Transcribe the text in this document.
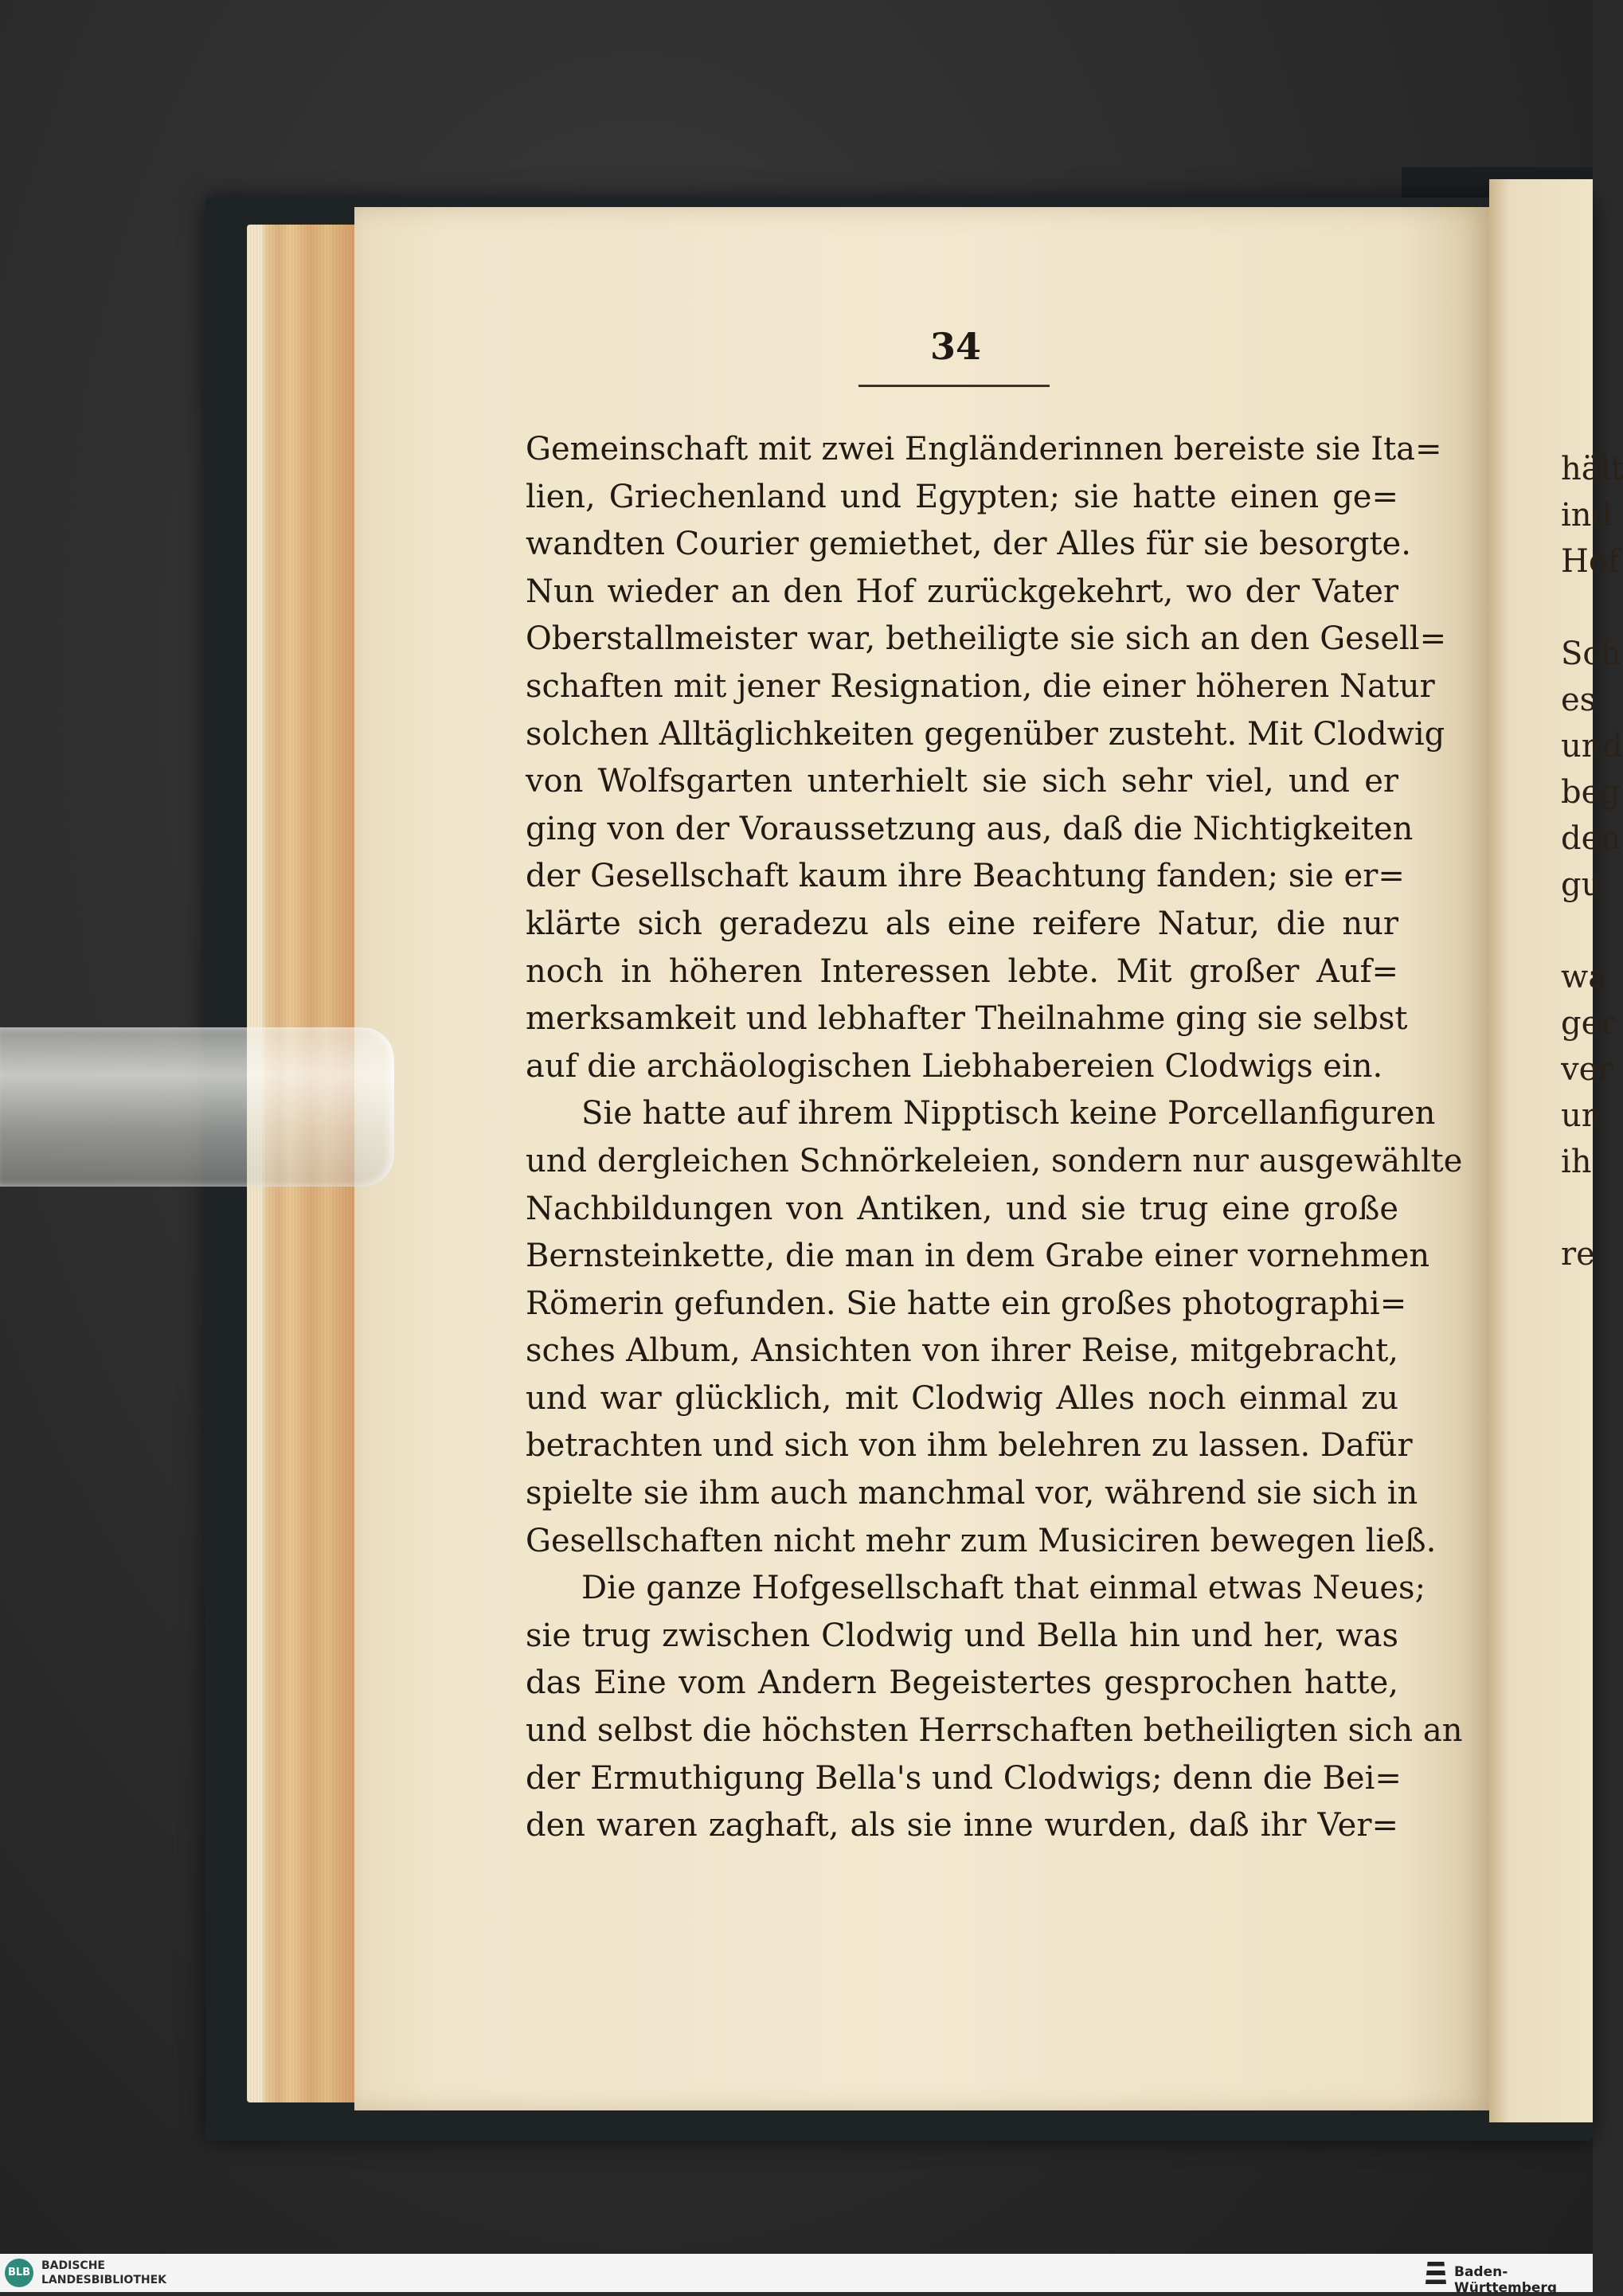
hält
ind
Hof

Sch
es
und
beg
den
gu

wa
ger
ver
un
ih

re
34
Gemeinschaft mit zwei Engländerinnen bereiste sie Ita=
lien, Griechenland und Egypten; sie hatte einen ge=
wandten Courier gemiethet, der Alles für sie besorgte.
Nun wieder an den Hof zurückgekehrt, wo der Vater
Oberstallmeister war, betheiligte sie sich an den Gesell=
schaften mit jener Resignation, die einer höheren Natur
solchen Alltäglichkeiten gegenüber zusteht. Mit Clodwig
von Wolfsgarten unterhielt sie sich sehr viel, und er
ging von der Voraussetzung aus, daß die Nichtigkeiten
der Gesellschaft kaum ihre Beachtung fanden; sie er=
klärte sich geradezu als eine reifere Natur, die nur
noch in höheren Interessen lebte. Mit großer Auf=
merksamkeit und lebhafter Theilnahme ging sie selbst
auf die archäologischen Liebhabereien Clodwigs ein.
Sie hatte auf ihrem Nipptisch keine Porcellanfiguren
und dergleichen Schnörkeleien, sondern nur ausgewählte
Nachbildungen von Antiken, und sie trug eine große
Bernsteinkette, die man in dem Grabe einer vornehmen
Römerin gefunden. Sie hatte ein großes photographi=
sches Album, Ansichten von ihrer Reise, mitgebracht,
und war glücklich, mit Clodwig Alles noch einmal zu
betrachten und sich von ihm belehren zu lassen. Dafür
spielte sie ihm auch manchmal vor, während sie sich in
Gesellschaften nicht mehr zum Musiciren bewegen ließ.
Die ganze Hofgesellschaft that einmal etwas Neues;
sie trug zwischen Clodwig und Bella hin und her, was
das Eine vom Andern Begeistertes gesprochen hatte,
und selbst die höchsten Herrschaften betheiligten sich an
der Ermuthigung Bella's und Clodwigs; denn die Bei=
den waren zaghaft, als sie inne wurden, daß ihr Ver=
BLB
BADISCHE
LANDESBIBLIOTHEK	Baden-Württemberg
